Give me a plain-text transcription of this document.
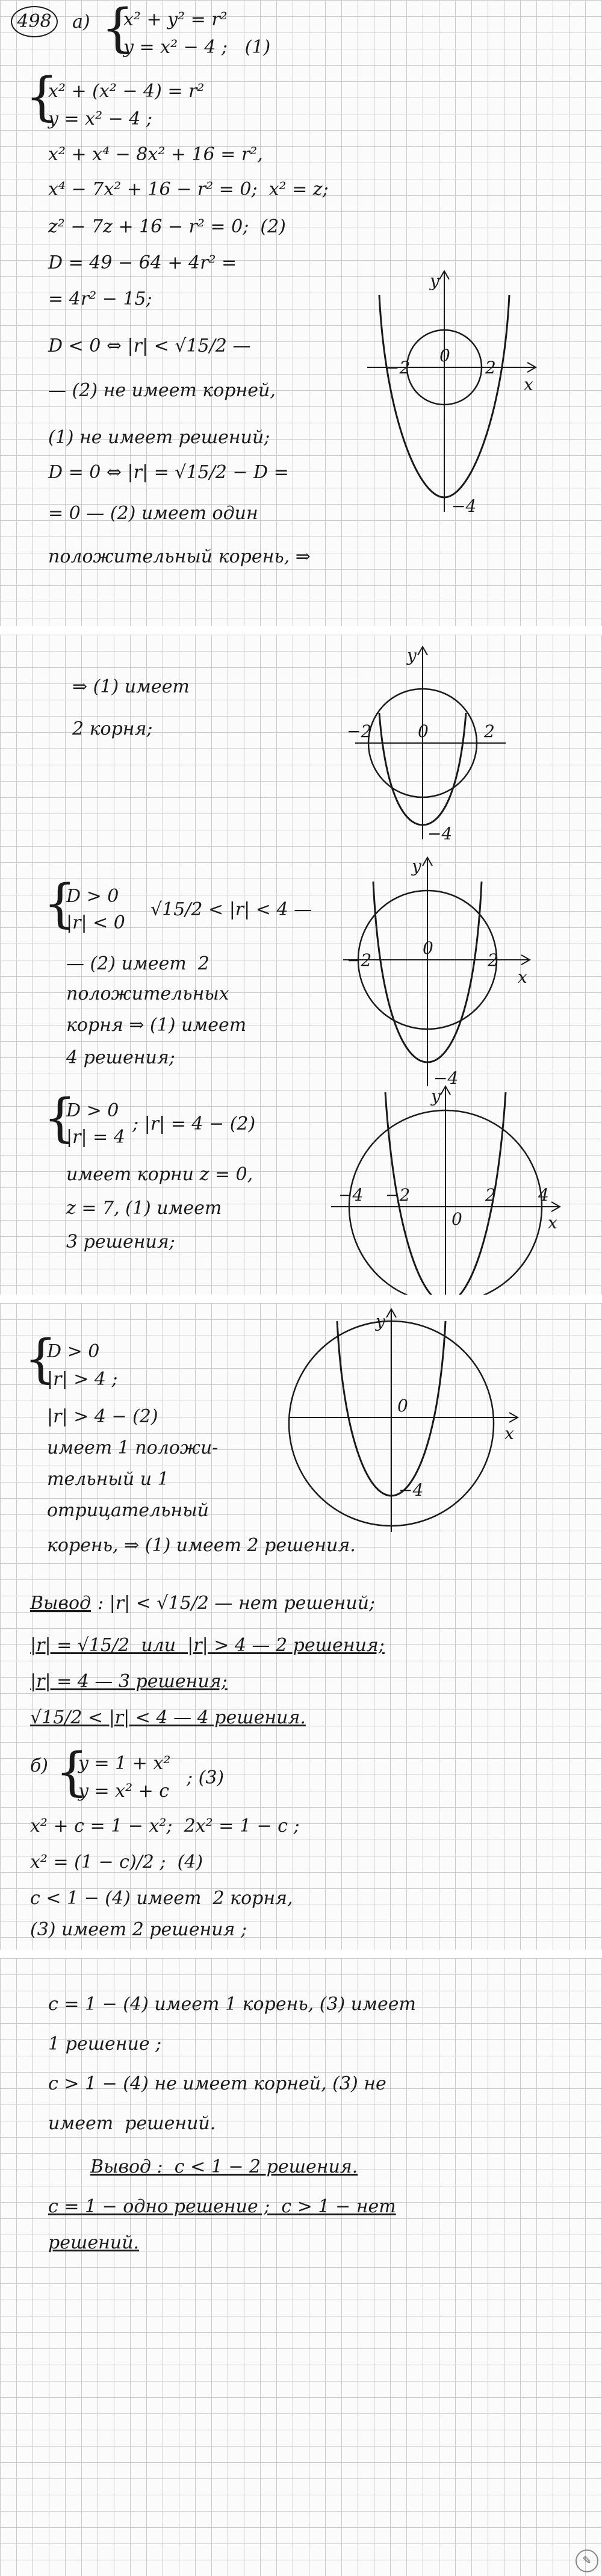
498	а) {
x² + y² = r²
y = x² − 4 ;   (1)
{
x² + (x² − 4) = r²
y = x² − 4 ;
x² + x⁴ − 8x² + 16 = r²,
x⁴ − 7x² + 16 − r² = 0;  x² = z;
z² − 7z + 16 − r² = 0;  (2)
D = 49 − 64 + 4r² =
= 4r² − 15;
D < 0 ⇔ |r| < √15/2 —
— (2) не имеет корней,
(1) не имеет решений;
D = 0 ⇔ |r| = √15/2 − D =
= 0 — (2) имеет один
положительный корень, ⇒
y
x
0
−2	2
−4
⇒ (1) имеет
2 корня;
y
0
−2	2
−4
{
D > 0
|r| < 0
√15/2 < |r| < 4 —
— (2) имеет  2
положительных
корня ⇒ (1) имеет
4 решения;
y
x
0
−2	2
−4
{
D > 0
|r| = 4
; |r| = 4 − (2)
имеет корни z = 0,
z = 7, (1) имеет
3 решения;
y
x
0
−4 −2	2	4
{
D > 0
|r| > 4 ;
|r| > 4 − (2)
имеет 1 положи-
тельный и 1
отрицательный
корень, ⇒ (1) имеет 2 решения.
y
x
0
−4
Вывод : |r| < √15/2 — нет решений;
|r| = √15/2  или  |r| > 4 — 2 решения;
|r| = 4 — 3 решения;
√15/2 < |r| < 4 — 4 решения.
б) {
y = 1 + x²
y = x² + c
; (3)
x² + c = 1 − x²;  2x² = 1 − c ;
x² = (1 − c)/2 ;  (4)
c < 1 − (4) имеет  2 корня,
(3) имеет 2 решения ;
c = 1 − (4) имеет 1 корень, (3) имеет
1 решение ;
c > 1 − (4) не имеет корней, (3) не
имеет  решений.
Вывод :  c < 1 − 2 решения.
c = 1 − одно решение ;  c > 1 − нет
решений.
✎
